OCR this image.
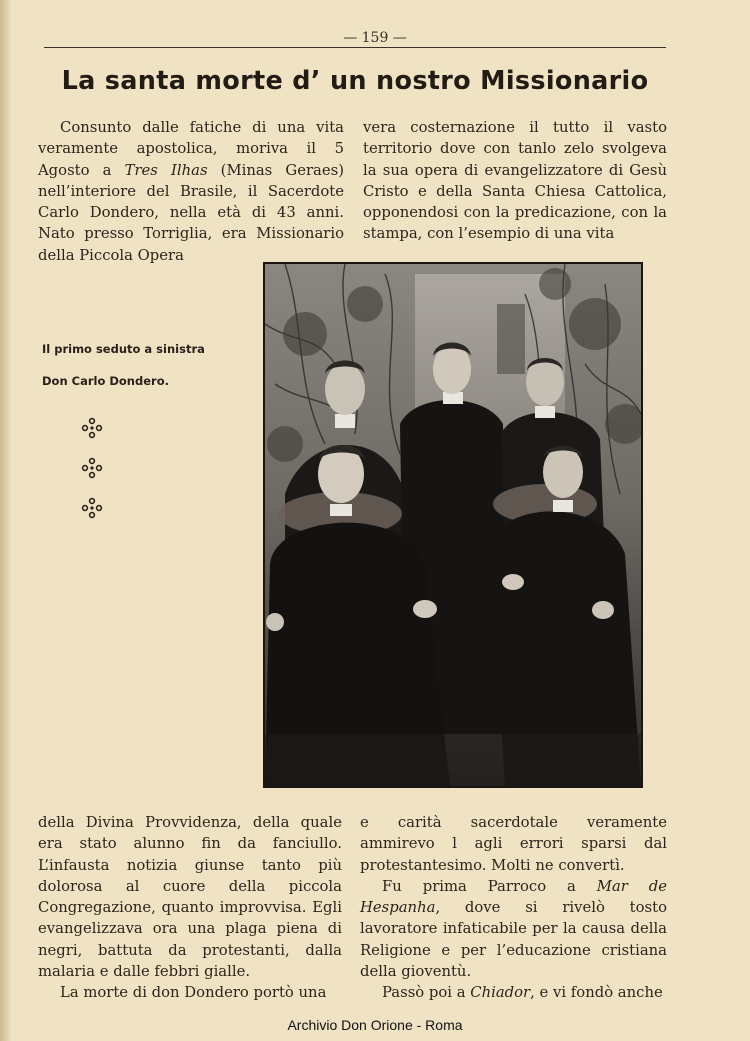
— 159 —
La santa morte d’ un nostro Missionario

Consunto dalle fatiche di una vita veramente apostolica, moriva il 5 Agosto a Tres Ilhas (Minas Geraes) nell’interiore del Brasile, il Sacerdote Carlo Dondero, nella età di 43 anni. Nato presso Torriglia, era Missionario della Piccola Opera

vera costernazione il tutto il vasto territorio dove con tanlo zelo svolgeva la sua opera di evangelizzatore di Gesù Cristo e della Santa Chiesa Cattolica, opponendosi con la predicazione, con la stampa, con l’esempio di una vita

Il primo seduto a sinistra
Don Carlo Dondero.

della Divina Provvidenza, della quale era stato alunno fin da fanciullo. L’infausta notizia giunse tanto più dolorosa al cuore della piccola Congregazione, quanto improvvisa. Egli evangelizzava ora una plaga piena di negri, battuta da protestanti, dalla malaria e dalle febbri gialle.

La morte di don Dondero portò una

e carità sacerdotale veramente ammirevo l agli errori sparsi dal protestantesimo. Molti ne convertì.

Fu prima Parroco a Mar de Hespanha, dove si rivelò tosto lavoratore infaticabile per la causa della Religione e per l’educazione cristiana della gioventù.

Passò poi a Chiador, e vi fondò anche

Archivio Don Orione - Roma
